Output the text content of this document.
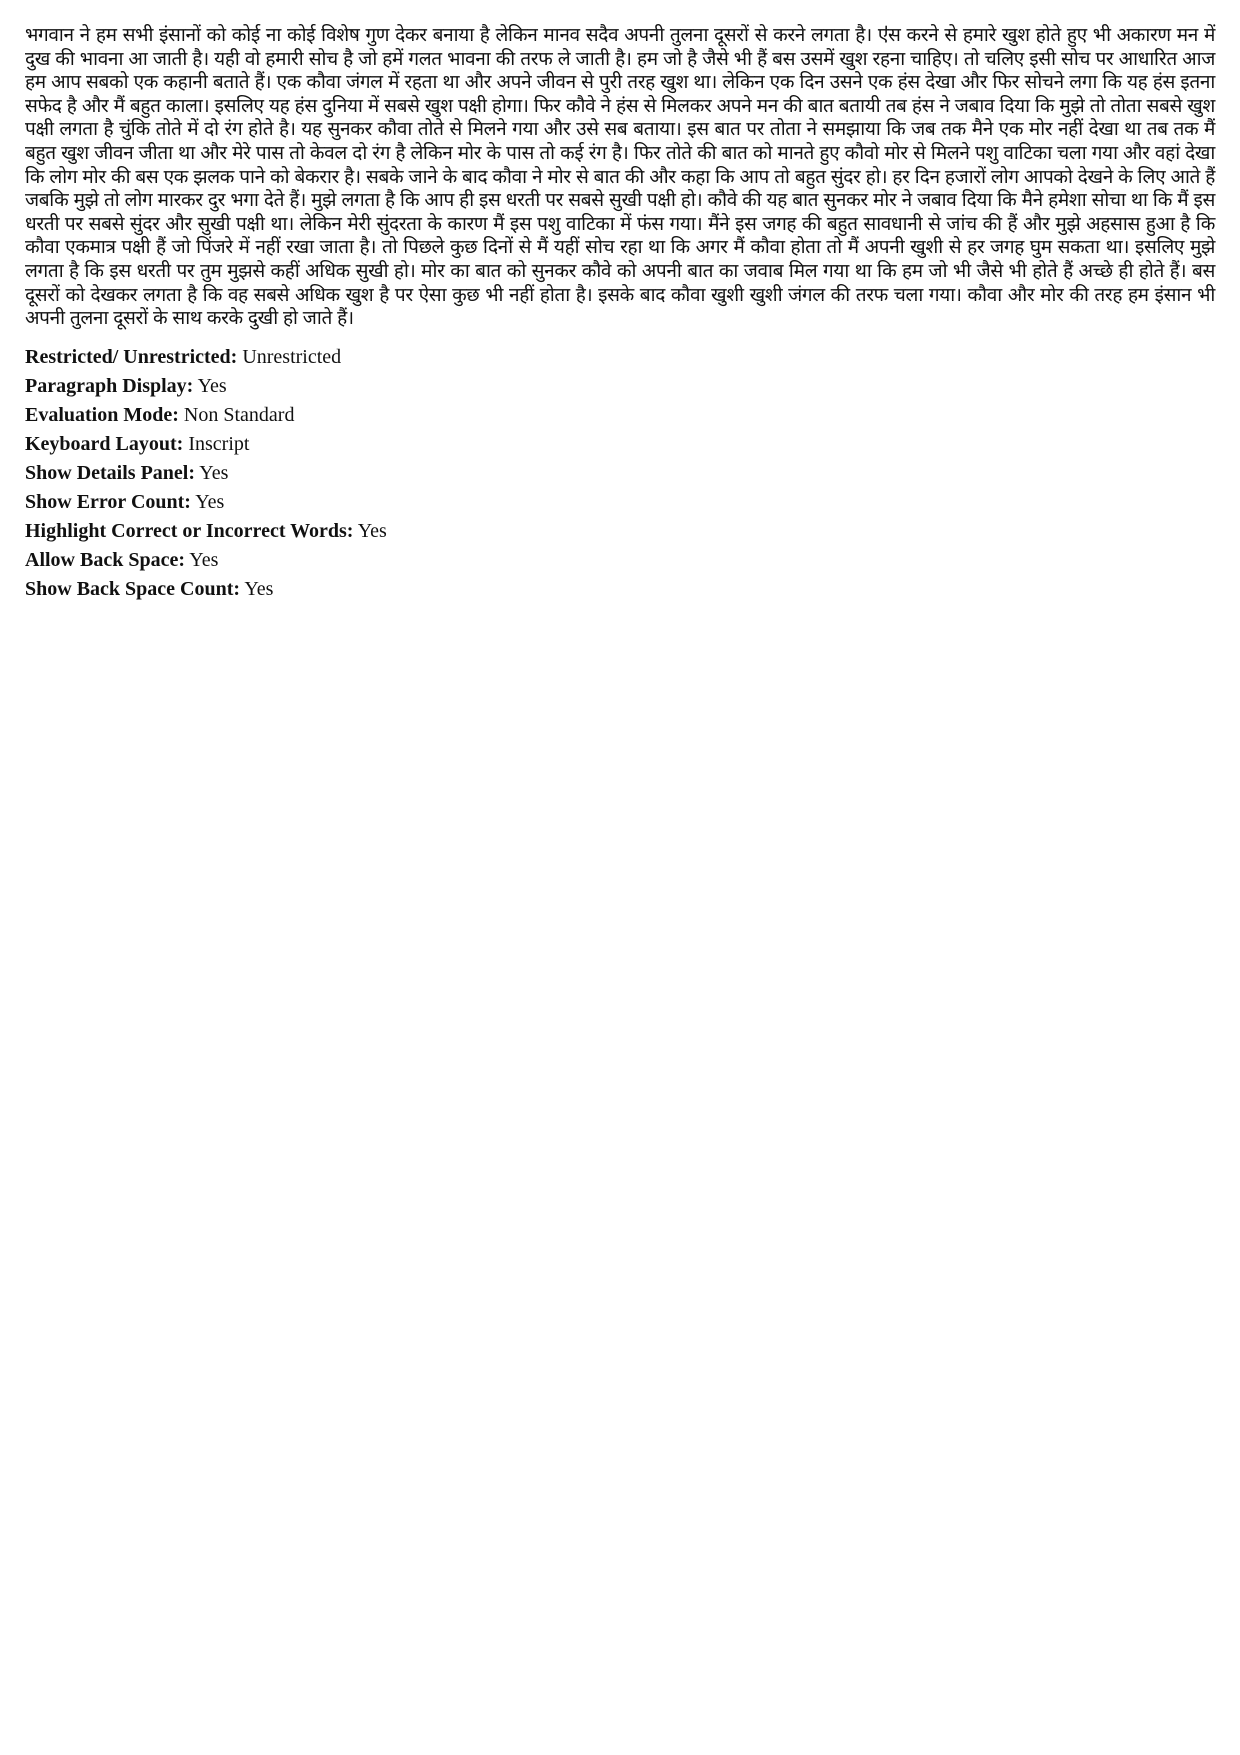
भगवान ने हम सभी इंसानों को कोई ना कोई विशेष गुण देकर बनाया है लेकिन मानव सदैव अपनी तुलना दूसरों से करने लगता है। एऺस करने से हमारे खुश होते हुए भी अकारण मन में दुख की भावना आ जाती है। यही वो हमारी सोच है जो हमें गलत भावना की तरफ ले जाती है। हम जो है जैसे भी हैं बस उसमें खुश रहना चाहिए। तो चलिए इसी सोच पर आधारित आज हम आप सबको एक कहानी बताते हैं। एक कौवा जंगल में रहता था और अपने जीवन से पुरी तरह खुश था। लेकिन एक दिन उसने एक हंस देखा और फिर सोचने लगा कि यह हंस इतना सफेद है और मैं बहुत काला। इसलिए यह हंस दुनिया में सबसे खुश पक्षी होगा। फिर कौवे ने हंस से मिलकर अपने मन की बात बतायी तब हंस ने जबाव दिया कि मुझे तो तोता सबसे खुश पक्षी लगता है चुंकि तोते में दो रंग होते है। यह सुनकर कौवा तोते से मिलने गया और उसे सब बताया। इस बात पर तोता ने समझाया कि जब तक मैने एक मोर नहीं देखा था तब तक मैं बहुत खुश जीवन जीता था और मेरे पास तो केवल दो रंग है लेकिन मोर के पास तो कई रंग है। फिर तोते की बात को मानते हुए कौवो मोर से मिलने पशु वाटिका चला गया और वहां देखा कि लोग मोर की बस एक झलक पाने को बेकरार है। सबके जाने के बाद कौवा ने मोर से बात की और कहा कि आप तो बहुत सुंदर हो। हर दिन हजारों लोग आपको देखने के लिए आते हैं जबकि मुझे तो लोग मारकर दुर भगा देते हैं। मुझे लगता है कि आप ही इस धरती पर सबसे सुखी पक्षी हो। कौवे की यह बात सुनकर मोर ने जबाव दिया कि मैने हमेशा सोचा था कि मैं इस धरती पर सबसे सुंदर और सुखी पक्षी था। लेकिन मेरी सुंदरता के कारण मैं इस पशु वाटिका में फंस गया। मैंने इस जगह की बहुत सावधानी से जांच की हैं और मुझे अहसास हुआ है कि कौवा एकमात्र पक्षी हैं जो पिंजरे में नहीं रखा जाता है। तो पिछले कुछ दिनों से मैं यहीं सोच रहा था कि अगर मैं कौवा होता तो मैं अपनी खुशी से हर जगह घुम सकता था। इसलिए मुझे लगता है कि इस धरती पर तुम मुझसे कहीं अधिक सुखी हो। मोर का बात को सुनकर कौवे को अपनी बात का जवाब मिल गया था कि हम जो भी जैसे भी होते हैं अच्छे ही होते हैं। बस दूसरों को देखकर लगता है कि वह सबसे अधिक खुश है पर ऐसा कुछ भी नहीं होता है। इसके बाद कौवा खुशी खुशी जंगल की तरफ चला गया। कौवा और मोर की तरह हम इंसान भी अपनी तुलना दूसरों के साथ करके दुखी हो जाते हैं।

Restricted/ Unrestricted: Unrestricted
Paragraph Display: Yes
Evaluation Mode: Non Standard
Keyboard Layout: Inscript
Show Details Panel: Yes
Show Error Count: Yes
Highlight Correct or Incorrect Words: Yes
Allow Back Space: Yes
Show Back Space Count: Yes
